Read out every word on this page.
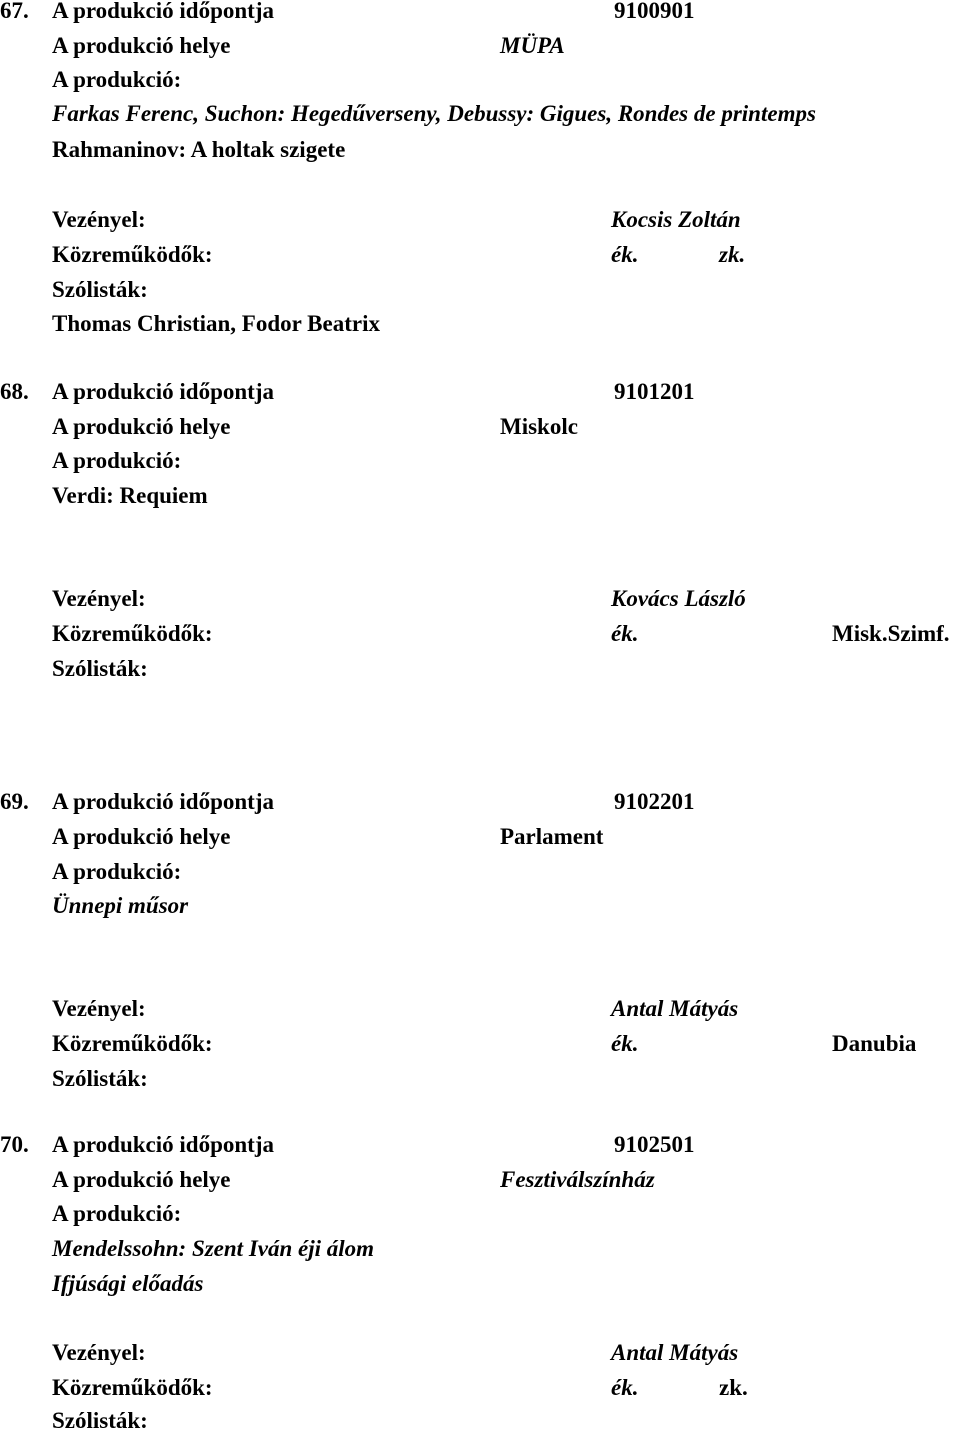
67. A produkció időpontja	9100901
A produkció helye	MÜPA
A produkció:
Farkas Ferenc, Suchon: Hegedűverseny, Debussy: Gigues, Rondes de printemps
Rahmaninov: A holtak szigete
Vezényel:	Kocsis Zoltán
Közreműködők:	ék.	zk.
Szólisták:
Thomas Christian, Fodor Beatrix
68. A produkció időpontja	9101201
A produkció helye	Miskolc
A produkció:
Verdi: Requiem
Vezényel:	Kovács László
Közreműködők:	ék.	Misk.Szimf.
Szólisták:
69. A produkció időpontja	9102201
A produkció helye	Parlament
A produkció:
Ünnepi műsor
Vezényel:	Antal Mátyás
Közreműködők:	ék.	Danubia
Szólisták:
70. A produkció időpontja	9102501
A produkció helye	Fesztiválszínház
A produkció:
Mendelssohn: Szent Iván éji álom
Ifjúsági előadás
Vezényel:	Antal Mátyás
Közreműködők:	ék.	zk.
Szólisták:
